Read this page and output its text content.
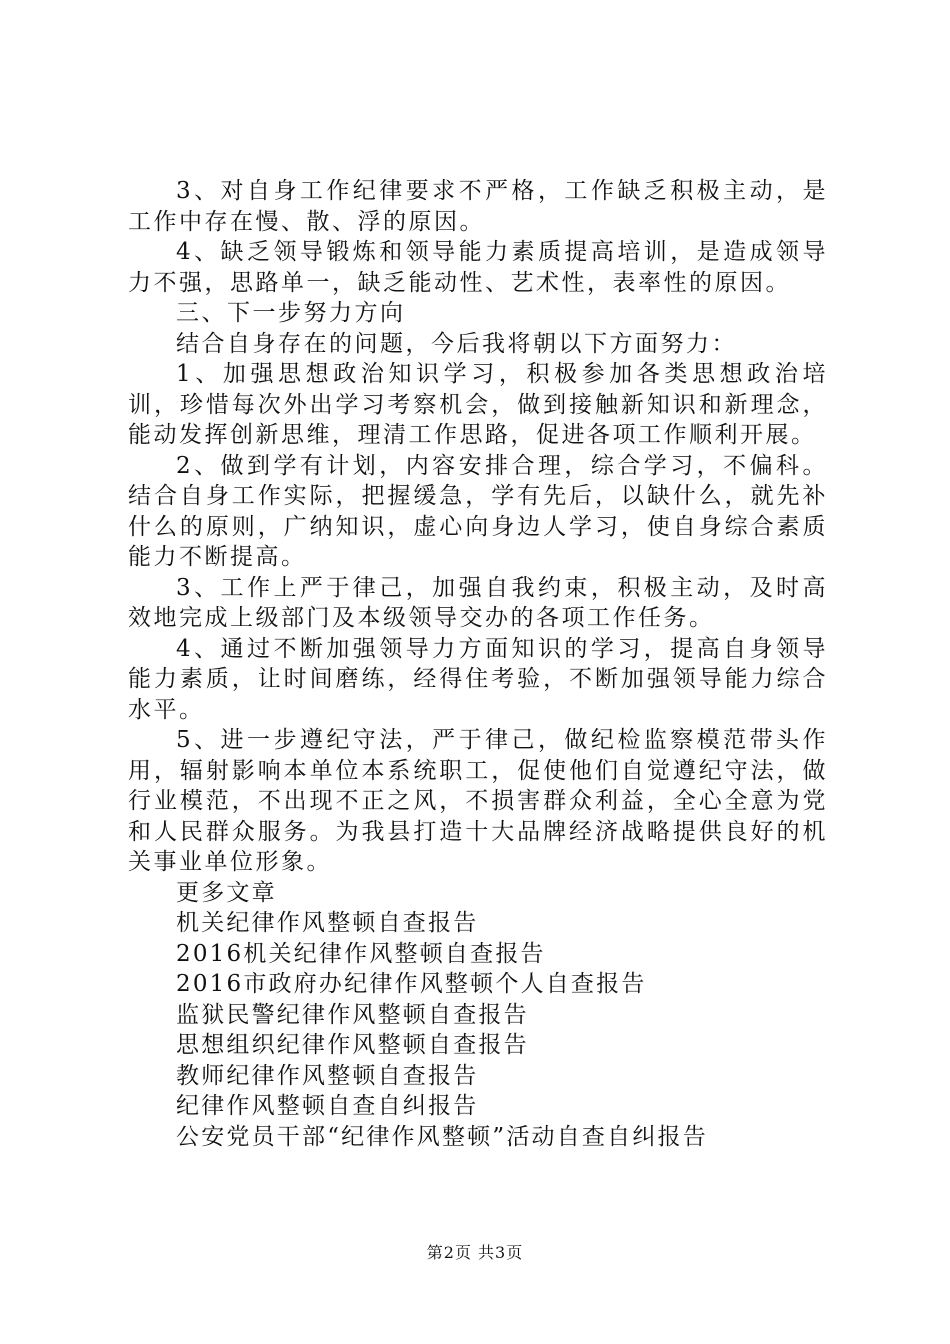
3、对自身工作纪律要求不严格，工作缺乏积极主动，是工作中存在慢、散、浮的原因。

4、缺乏领导锻炼和领导能力素质提高培训，是造成领导力不强，思路单一，缺乏能动性、艺术性，表率性的原因。

三、下一步努力方向

结合自身存在的问题，今后我将朝以下方面努力：

1、加强思想政治知识学习，积极参加各类思想政治培训，珍惜每次外出学习考察机会，做到接触新知识和新理念，能动发挥创新思维，理清工作思路，促进各项工作顺利开展。

2、做到学有计划，内容安排合理，综合学习，不偏科。结合自身工作实际，把握缓急，学有先后，以缺什么，就先补什么的原则，广纳知识，虚心向身边人学习，使自身综合素质能力不断提高。

3、工作上严于律己，加强自我约束，积极主动，及时高效地完成上级部门及本级领导交办的各项工作任务。

4、通过不断加强领导力方面知识的学习，提高自身领导能力素质，让时间磨练，经得住考验，不断加强领导能力综合水平。

5、进一步遵纪守法，严于律己，做纪检监察模范带头作用，辐射影响本单位本系统职工，促使他们自觉遵纪守法，做行业模范，不出现不正之风，不损害群众利益，全心全意为党和人民群众服务。为我县打造十大品牌经济战略提供良好的机关事业单位形象。

更多文章

机关纪律作风整顿自查报告

2016机关纪律作风整顿自查报告

2016市政府办纪律作风整顿个人自查报告

监狱民警纪律作风整顿自查报告

思想组织纪律作风整顿自查报告

教师纪律作风整顿自查报告

纪律作风整顿自查自纠报告

公安党员干部“纪律作风整顿”活动自查自纠报告

第2页 共3页
